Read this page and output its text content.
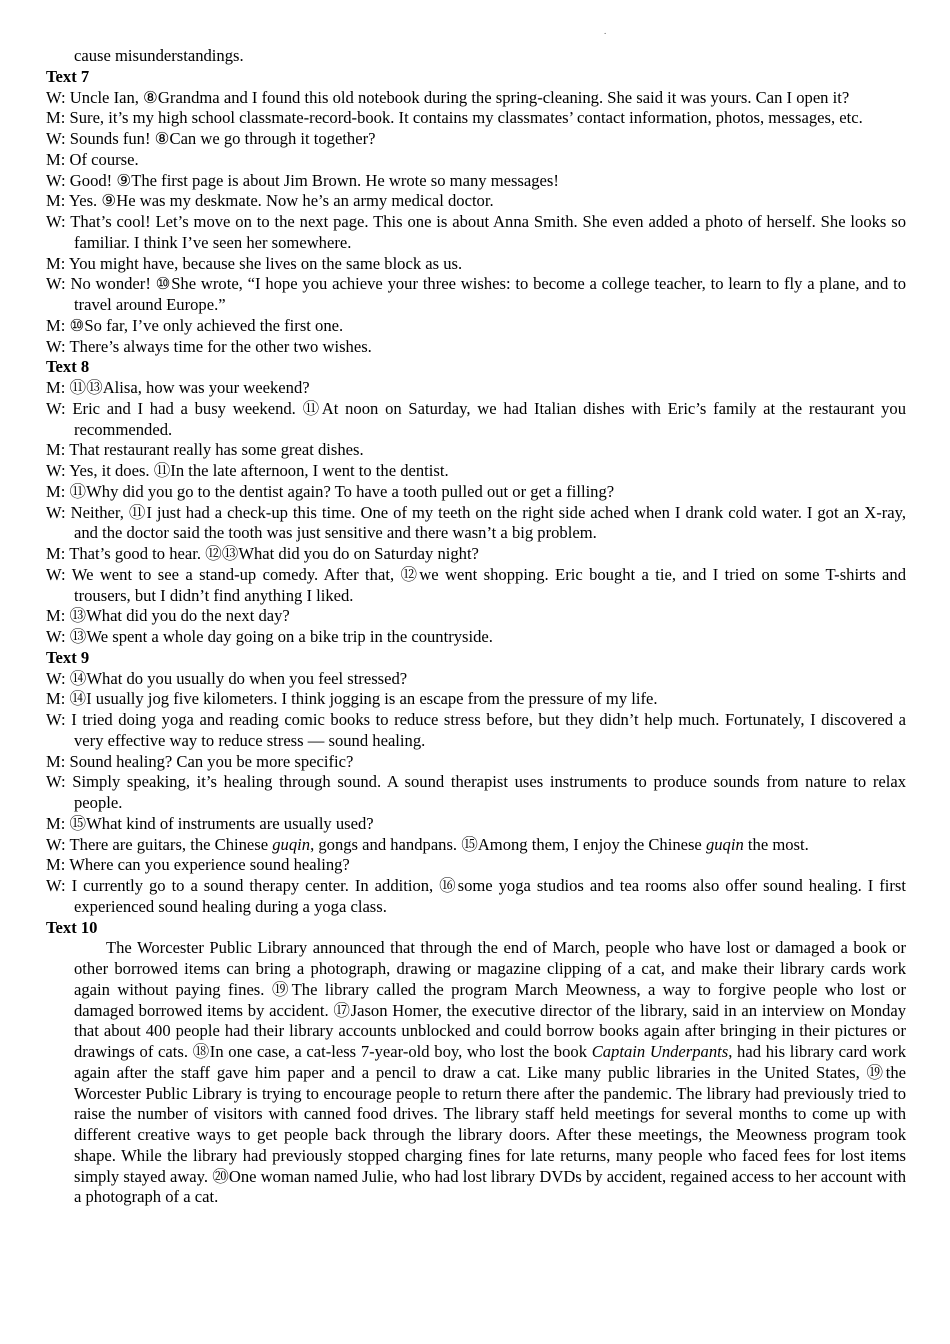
.

cause misunderstandings.

Text 7

W: Uncle Ian, ⑧Grandma and I found this old notebook during the spring-cleaning. She said it was yours. Can I open it?

M: Sure, it’s my high school classmate-record-book. It contains my classmates’ contact information, photos, messages, etc.

W: Sounds fun! ⑧Can we go through it together?

M: Of course.

W: Good! ⑨The first page is about Jim Brown. He wrote so many messages!

M: Yes. ⑨He was my deskmate. Now he’s an army medical doctor.

W: That’s cool! Let’s move on to the next page. This one is about Anna Smith. She even added a photo of herself. She looks so familiar. I think I’ve seen her somewhere.

M: You might have, because she lives on the same block as us.

W: No wonder! ⑩She wrote, “I hope you achieve your three wishes: to become a college teacher, to learn to fly a plane, and to travel around Europe.”

M: ⑩So far, I’ve only achieved the first one.

W: There’s always time for the other two wishes.

Text 8

M: ⑪⑬Alisa, how was your weekend?

W: Eric and I had a busy weekend. ⑪At noon on Saturday, we had Italian dishes with Eric’s family at the restaurant you recommended.

M: That restaurant really has some great dishes.

W: Yes, it does. ⑪In the late afternoon, I went to the dentist.

M: ⑪Why did you go to the dentist again? To have a tooth pulled out or get a filling?

W: Neither, ⑪I just had a check-up this time. One of my teeth on the right side ached when I drank cold water. I got an X-ray, and the doctor said the tooth was just sensitive and there wasn’t a big problem.

M: That’s good to hear. ⑫⑬What did you do on Saturday night?

W: We went to see a stand-up comedy. After that, ⑫we went shopping. Eric bought a tie, and I tried on some T-shirts and trousers, but I didn’t find anything I liked.

M: ⑬What did you do the next day?

W: ⑬We spent a whole day going on a bike trip in the countryside.

Text 9

W: ⑭What do you usually do when you feel stressed?

M: ⑭I usually jog five kilometers. I think jogging is an escape from the pressure of my life.

W: I tried doing yoga and reading comic books to reduce stress before, but they didn’t help much. Fortunately, I discovered a very effective way to reduce stress — sound healing.

M: Sound healing? Can you be more specific?

W: Simply speaking, it’s healing through sound. A sound therapist uses instruments to produce sounds from nature to relax people.

M: ⑮What kind of instruments are usually used?

W: There are guitars, the Chinese guqin, gongs and handpans. ⑮Among them, I enjoy the Chinese guqin the most.

M: Where can you experience sound healing?

W: I currently go to a sound therapy center. In addition, ⑯some yoga studios and tea rooms also offer sound healing. I first experienced sound healing during a yoga class.

Text 10

The Worcester Public Library announced that through the end of March, people who have lost or damaged a book or other borrowed items can bring a photograph, drawing or magazine clipping of a cat, and make their library cards work again without paying fines. ⑲The library called the program March Meowness, a way to forgive people who lost or damaged borrowed items by accident. ⑰Jason Homer, the executive director of the library, said in an interview on Monday that about 400 people had their library accounts unblocked and could borrow books again after bringing in their pictures or drawings of cats. ⑱In one case, a cat-less 7-year-old boy, who lost the book Captain Underpants, had his library card work again after the staff gave him paper and a pencil to draw a cat. Like many public libraries in the United States, ⑲the Worcester Public Library is trying to encourage people to return there after the pandemic. The library had previously tried to raise the number of visitors with canned food drives. The library staff held meetings for several months to come up with different creative ways to get people back through the library doors. After these meetings, the Meowness program took shape. While the library had previously stopped charging fines for late returns, many people who faced fees for lost items simply stayed away. ⑳One woman named Julie, who had lost library DVDs by accident, regained access to her account with a photograph of a cat.
